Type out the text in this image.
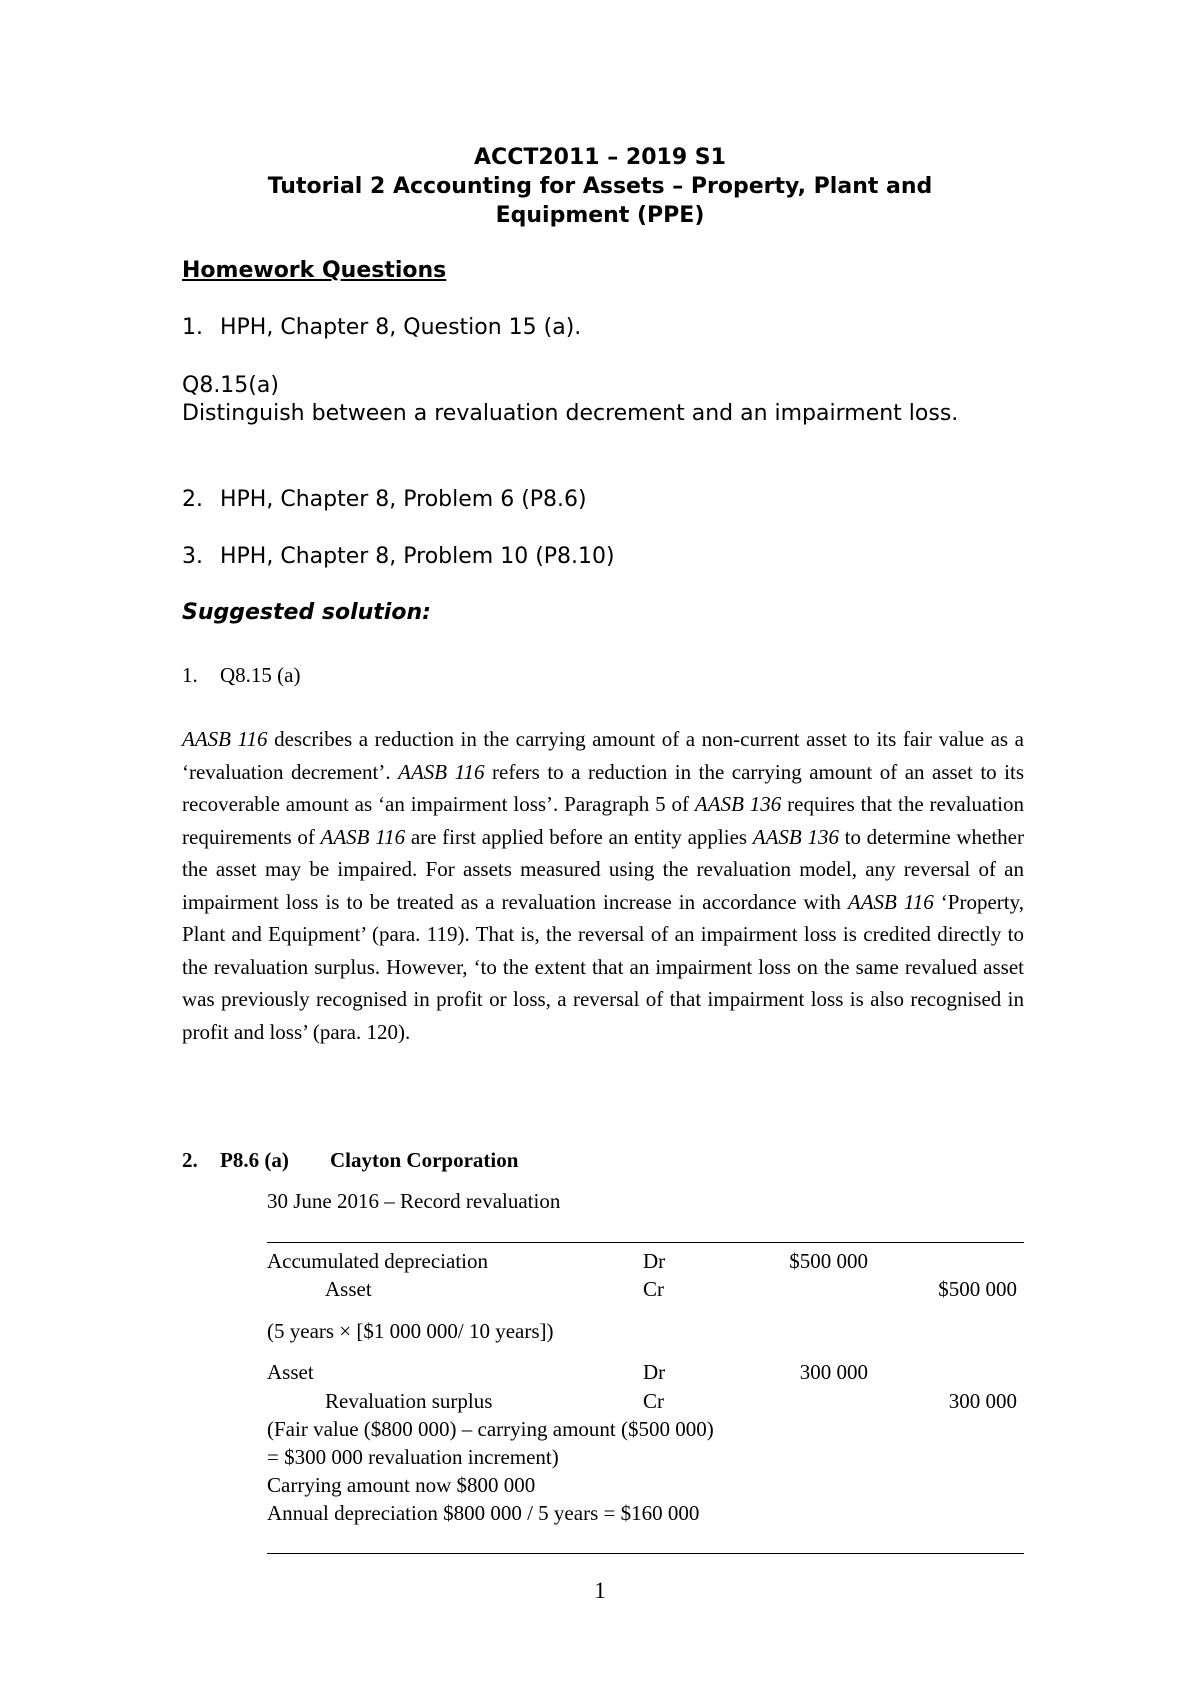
ACCT2011 – 2019 S1
Tutorial 2 Accounting for Assets – Property, Plant and
Equipment (PPE)
Homework Questions
1. HPH, Chapter 8, Question 15 (a).
Q8.15(a)
Distinguish between a revaluation decrement and an impairment loss.
2. HPH, Chapter 8, Problem 6 (P8.6)
3. HPH, Chapter 8, Problem 10 (P8.10)
Suggested solution:
1. Q8.15 (a)
AASB 116 describes a reduction in the carrying amount of a non-current asset to its fair value as a ‘revaluation decrement’. AASB 116 refers to a reduction in the carrying amount of an asset to its recoverable amount as ‘an impairment loss’. Paragraph 5 of AASB 136 requires that the revaluation requirements of AASB 116 are first applied before an entity applies AASB 136 to determine whether the asset may be impaired. For assets measured using the revaluation model, any reversal of an impairment loss is to be treated as a revaluation increase in accordance with AASB 116 ‘Property, Plant and Equipment’ (para. 119). That is, the reversal of an impairment loss is credited directly to the revaluation surplus. However, ‘to the extent that an impairment loss on the same revalued asset was previously recognised in profit or loss, a reversal of that impairment loss is also recognised in profit and loss’ (para. 120).
2. P8.6 (a) Clayton Corporation
30 June 2016 – Record revaluation
Accumulated depreciation	Dr	$500 000
Asset	Cr	$500 000
(5 years × [$1 000 000/ 10 years])
Asset	Dr	300 000
Revaluation surplus	Cr	300 000
(Fair value ($800 000) – carrying amount ($500 000)
= $300 000 revaluation increment)
Carrying amount now $800 000
Annual depreciation $800 000 / 5 years = $160 000
1
